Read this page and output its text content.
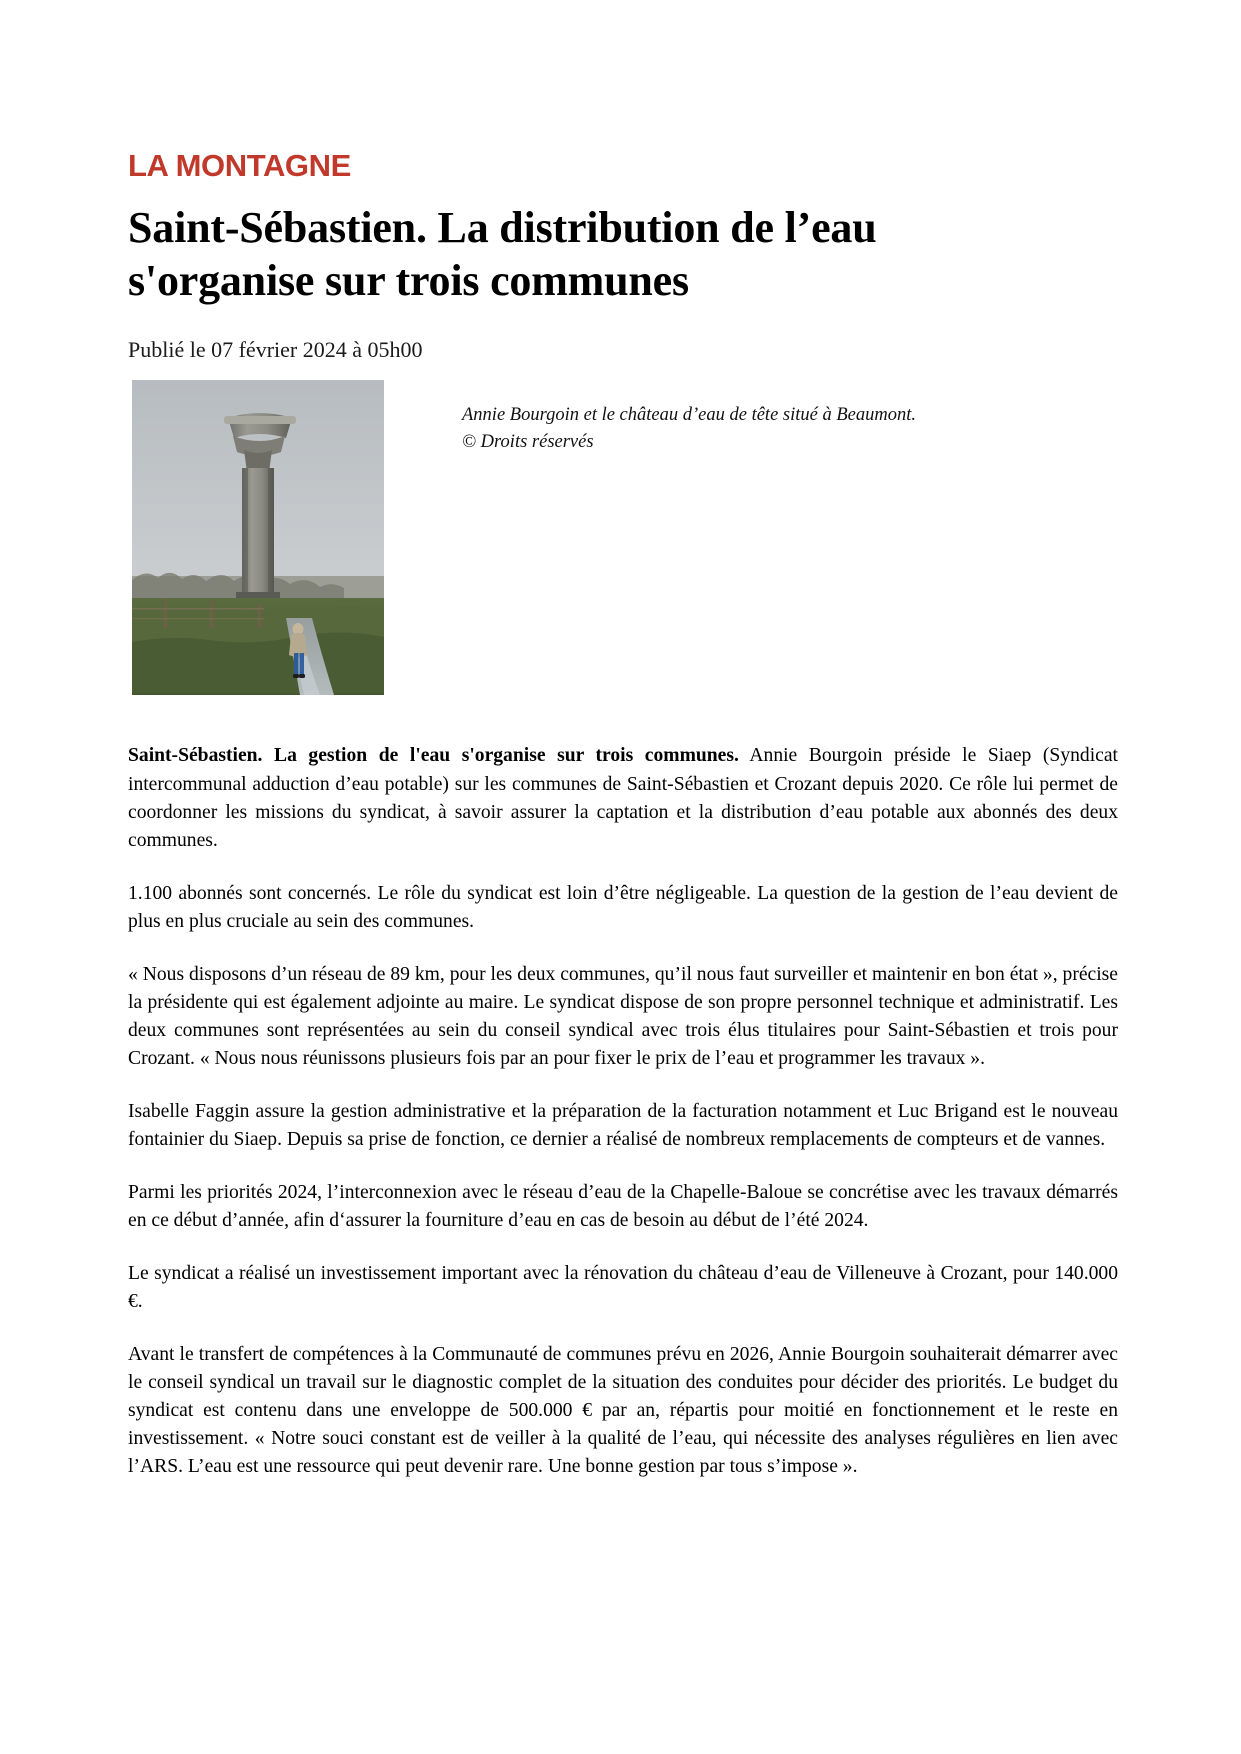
LA MONTAGNE
Saint-Sébastien. La distribution de l’eau s'organise sur trois communes
Publié le 07 février 2024 à 05h00
Annie Bourgoin et le château d’eau de tête situé à Beaumont.
© Droits réservés

Saint-Sébastien. La gestion de l'eau s'organise sur trois communes. Annie Bourgoin préside le Siaep (Syndicat intercommunal adduction d’eau potable) sur les communes de Saint-Sébastien et Crozant depuis 2020. Ce rôle lui permet de coordonner les missions du syndicat, à savoir assurer la captation et la distribution d’eau potable aux abonnés des deux communes.

1.100 abonnés sont concernés. Le rôle du syndicat est loin d’être négligeable. La question de la gestion de l’eau devient de plus en plus cruciale au sein des communes.

« Nous disposons d’un réseau de 89 km, pour les deux communes, qu’il nous faut surveiller et maintenir en bon état », précise la présidente qui est également adjointe au maire. Le syndicat dispose de son propre personnel technique et administratif. Les deux communes sont représentées au sein du conseil syndical avec trois élus titulaires pour Saint-Sébastien et trois pour Crozant. « Nous nous réunissons plusieurs fois par an pour fixer le prix de l’eau et programmer les travaux ».

Isabelle Faggin assure la gestion administrative et la préparation de la facturation notamment et Luc Brigand est le nouveau fontainier du Siaep. Depuis sa prise de fonction, ce dernier a réalisé de nombreux remplacements de compteurs et de vannes.

Parmi les priorités 2024, l’interconnexion avec le réseau d’eau de la Chapelle-Baloue se concrétise avec les travaux démarrés en ce début d’année, afin d‘assurer la fourniture d’eau en cas de besoin au début de l’été 2024.

Le syndicat a réalisé un investissement important avec la rénovation du château d’eau de Villeneuve à Crozant, pour 140.000 €.

Avant le transfert de compétences à la Communauté de communes prévu en 2026, Annie Bourgoin souhaiterait démarrer avec le conseil syndical un travail sur le diagnostic complet de la situation des conduites pour décider des priorités. Le budget du syndicat est contenu dans une enveloppe de 500.000 € par an, répartis pour moitié en fonctionnement et le reste en investissement. « Notre souci constant est de veiller à la qualité de l’eau, qui nécessite des analyses régulières en lien avec l’ARS. L’eau est une ressource qui peut devenir rare. Une bonne gestion par tous s’impose ».
